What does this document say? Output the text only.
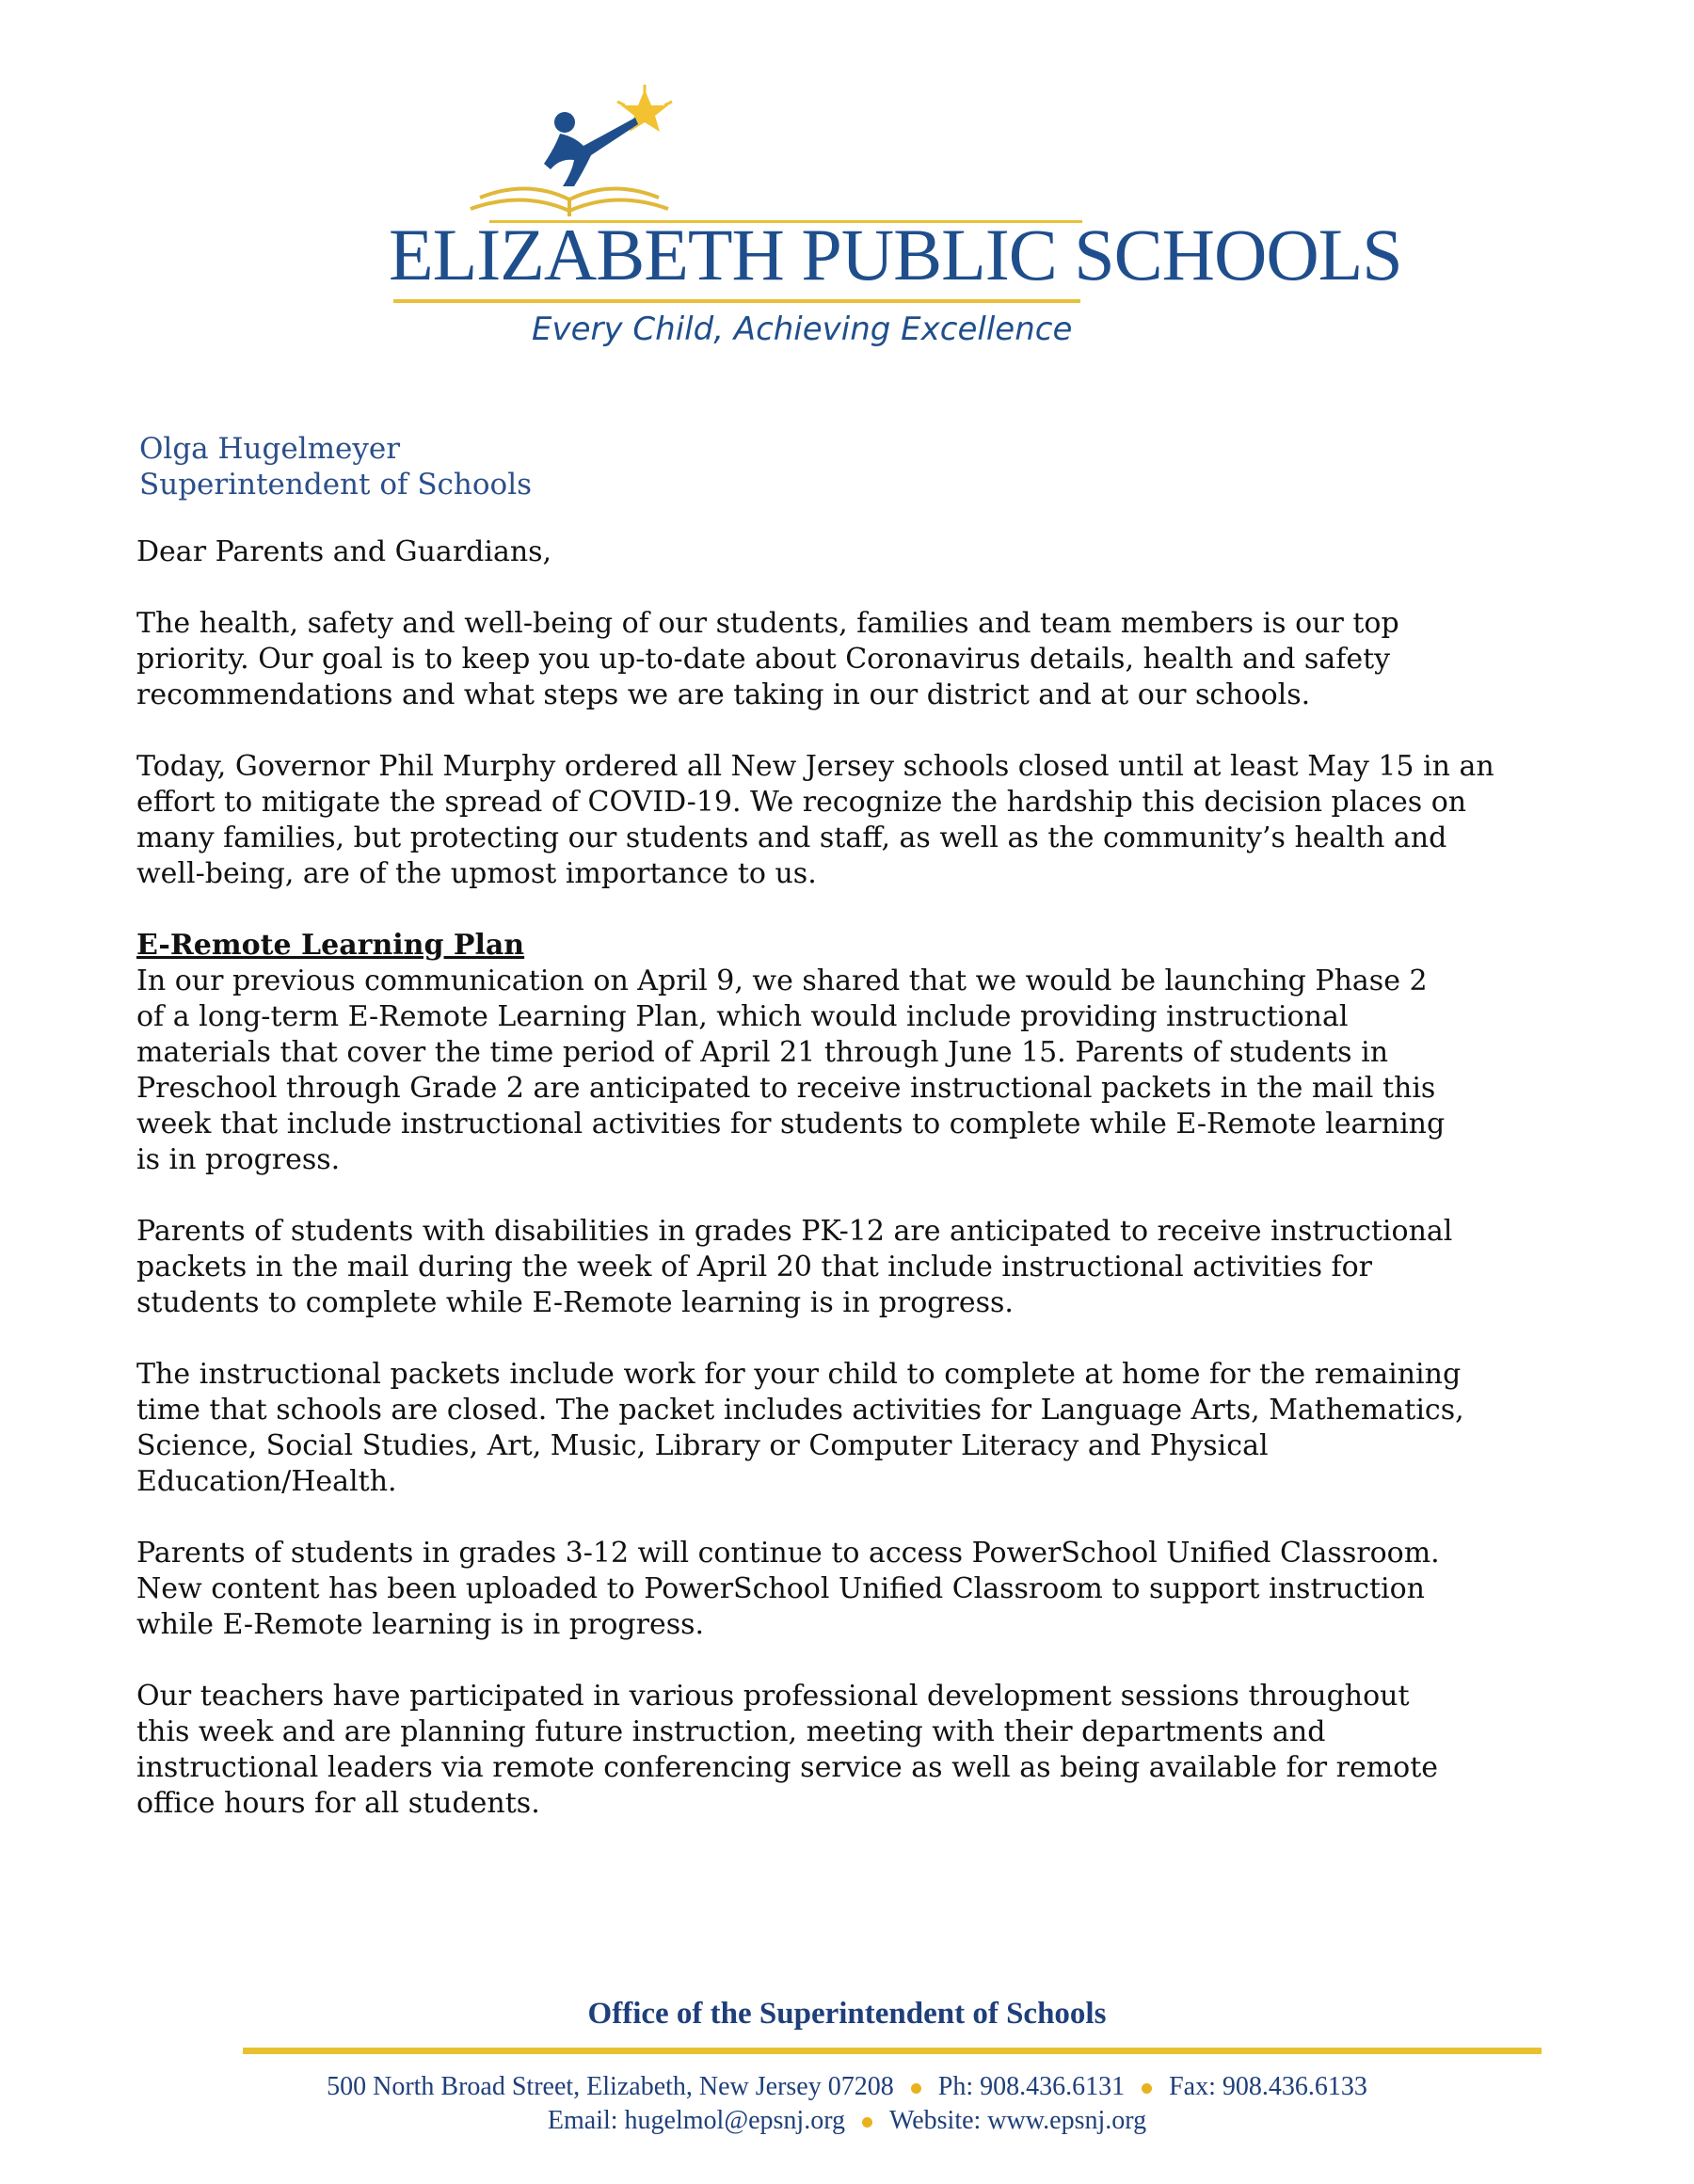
ELIZABETH PUBLIC SCHOOLS
Every Child, Achieving Excellence
Olga Hugelmeyer
Superintendent of Schools

Dear Parents and Guardians,

The health, safety and well-being of our students, families and team members is our top
priority. Our goal is to keep you up-to-date about Coronavirus details, health and safety
recommendations and what steps we are taking in our district and at our schools.

Today, Governor Phil Murphy ordered all New Jersey schools closed until at least May 15 in an
effort to mitigate the spread of COVID-19. We recognize the hardship this decision places on
many families, but protecting our students and staff, as well as the community’s health and
well-being, are of the upmost importance to us.

E-Remote Learning Plan

In our previous communication on April 9, we shared that we would be launching Phase 2
of a long-term E-Remote Learning Plan, which would include providing instructional
materials that cover the time period of April 21 through June 15. Parents of students in
Preschool through Grade 2 are anticipated to receive instructional packets in the mail this
week that include instructional activities for students to complete while E-Remote learning
is in progress.

Parents of students with disabilities in grades PK-12 are anticipated to receive instructional
packets in the mail during the week of April 20 that include instructional activities for
students to complete while E-Remote learning is in progress.

The instructional packets include work for your child to complete at home for the remaining
time that schools are closed. The packet includes activities for Language Arts, Mathematics,
Science, Social Studies, Art, Music, Library or Computer Literacy and Physical
Education/Health.

Parents of students in grades 3-12 will continue to access PowerSchool Unified Classroom.
New content has been uploaded to PowerSchool Unified Classroom to support instruction
while E-Remote learning is in progress.

Our teachers have participated in various professional development sessions throughout
this week and are planning future instruction, meeting with their departments and
instructional leaders via remote conferencing service as well as being available for remote
office hours for all students.

Office of the Superintendent of Schools
500 North Broad Street, Elizabeth, New Jersey 07208 Ph: 908.436.6131 Fax: 908.436.6133
Email: hugelmol@epsnj.org Website: www.epsnj.org
